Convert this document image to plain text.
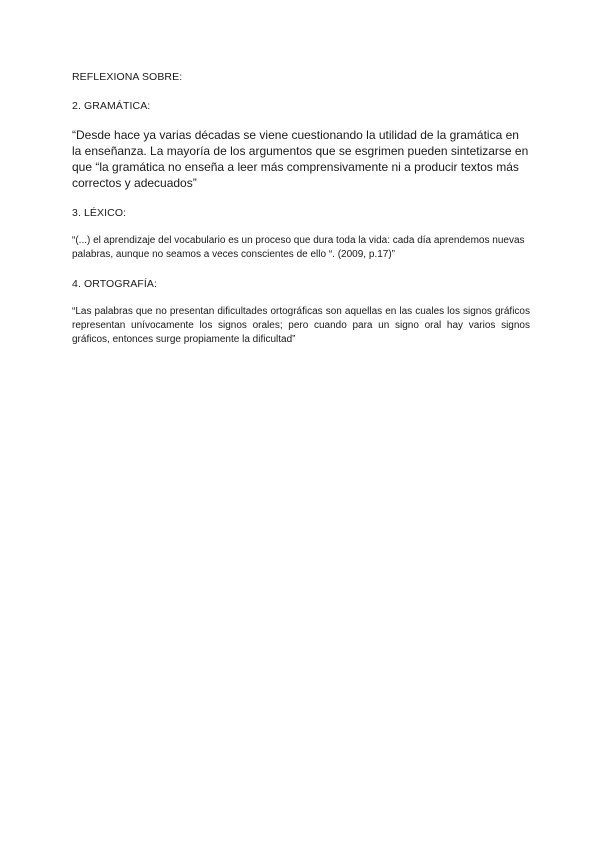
REFLEXIONA SOBRE:

2. GRAMÁTICA:

“Desde hace ya varias décadas se viene cuestionando la utilidad de la gramática en la enseñanza. La mayoría de los argumentos que se esgrimen pueden sintetizarse en que “la gramática no enseña a leer más comprensivamente ni a producir textos más correctos y adecuados”

3. LÉXICO:

“(...) el aprendizaje del vocabulario es un proceso que dura toda la vida: cada día aprendemos nuevas palabras, aunque no seamos a veces conscientes de ello “. (2009, p.17)”

4. ORTOGRAFÍA:

“Las palabras que no presentan dificultades ortográficas son aquellas en las cuales los signos gráficos representan unívocamente los signos orales; pero cuando para un signo oral hay varios signos gráficos, entonces surge propiamente la dificultad”
